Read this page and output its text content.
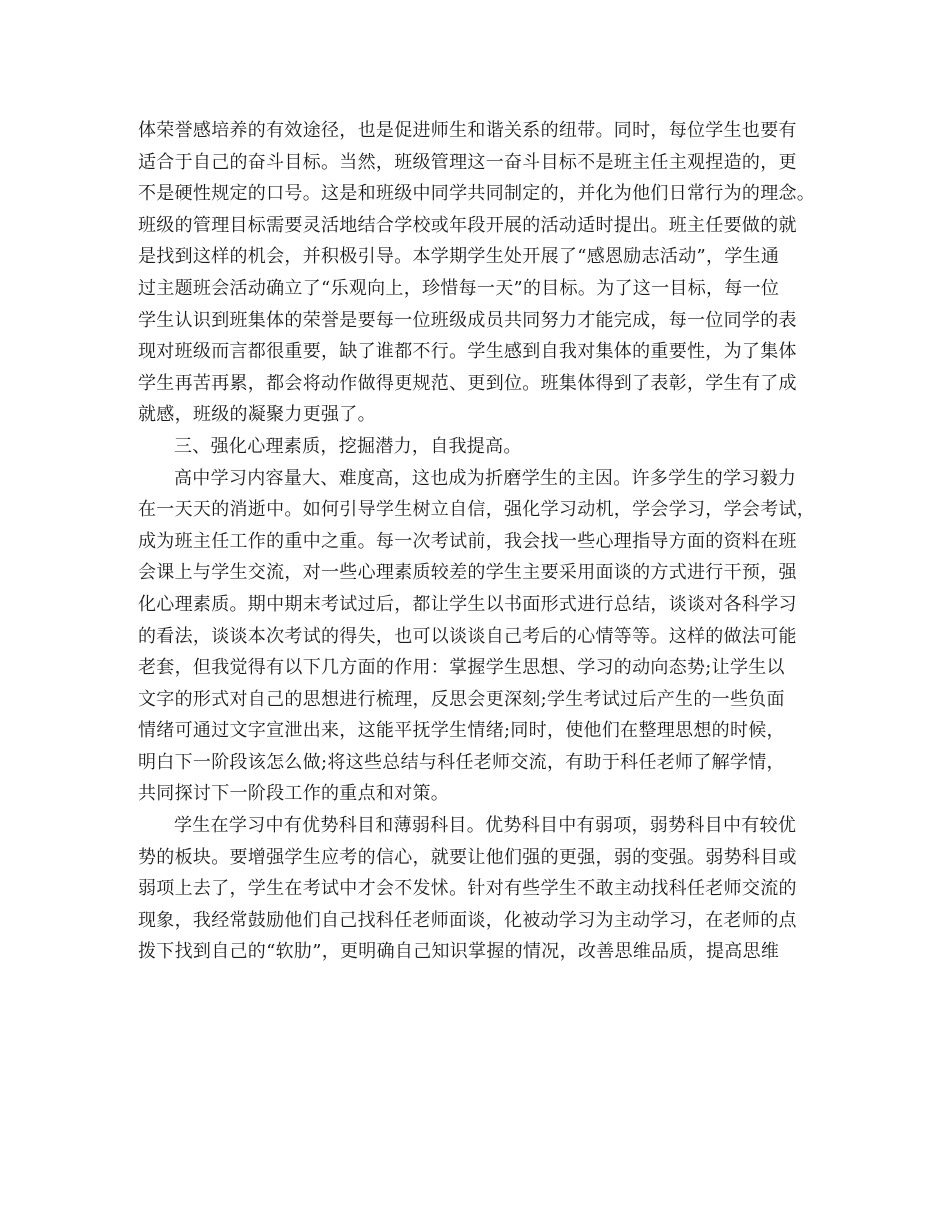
体荣誉感培养的有效途径，也是促进师生和谐关系的纽带。同时，每位学生也要有
适合于自己的奋斗目标。当然，班级管理这一奋斗目标不是班主任主观捏造的，更
不是硬性规定的口号。这是和班级中同学共同制定的，并化为他们日常行为的理念。
班级的管理目标需要灵活地结合学校或年段开展的活动适时提出。班主任要做的就
是找到这样的机会，并积极引导。本学期学生处开展了“感恩励志活动”，学生通
过主题班会活动确立了“乐观向上，珍惜每一天”的目标。为了这一目标，每一位
学生认识到班集体的荣誉是要每一位班级成员共同努力才能完成，每一位同学的表
现对班级而言都很重要，缺了谁都不行。学生感到自我对集体的重要性，为了集体
学生再苦再累，都会将动作做得更规范、更到位。班集体得到了表彰，学生有了成
就感，班级的凝聚力更强了。
三、强化心理素质，挖掘潜力，自我提高。
高中学习内容量大、难度高，这也成为折磨学生的主因。许多学生的学习毅力
在一天天的消逝中。如何引导学生树立自信，强化学习动机，学会学习，学会考试，
成为班主任工作的重中之重。每一次考试前，我会找一些心理指导方面的资料在班
会课上与学生交流，对一些心理素质较差的学生主要采用面谈的方式进行干预，强
化心理素质。期中期末考试过后，都让学生以书面形式进行总结，谈谈对各科学习
的看法，谈谈本次考试的得失，也可以谈谈自己考后的心情等等。这样的做法可能
老套，但我觉得有以下几方面的作用：掌握学生思想、学习的动向态势;让学生以
文字的形式对自己的思想进行梳理，反思会更深刻;学生考试过后产生的一些负面
情绪可通过文字宣泄出来，这能平抚学生情绪;同时，使他们在整理思想的时候，
明白下一阶段该怎么做;将这些总结与科任老师交流，有助于科任老师了解学情，
共同探讨下一阶段工作的重点和对策。
学生在学习中有优势科目和薄弱科目。优势科目中有弱项，弱势科目中有较优
势的板块。要增强学生应考的信心，就要让他们强的更强，弱的变强。弱势科目或
弱项上去了，学生在考试中才会不发怵。针对有些学生不敢主动找科任老师交流的
现象，我经常鼓励他们自己找科任老师面谈，化被动学习为主动学习，在老师的点
拨下找到自己的“软肋”，更明确自己知识掌握的情况，改善思维品质，提高思维
